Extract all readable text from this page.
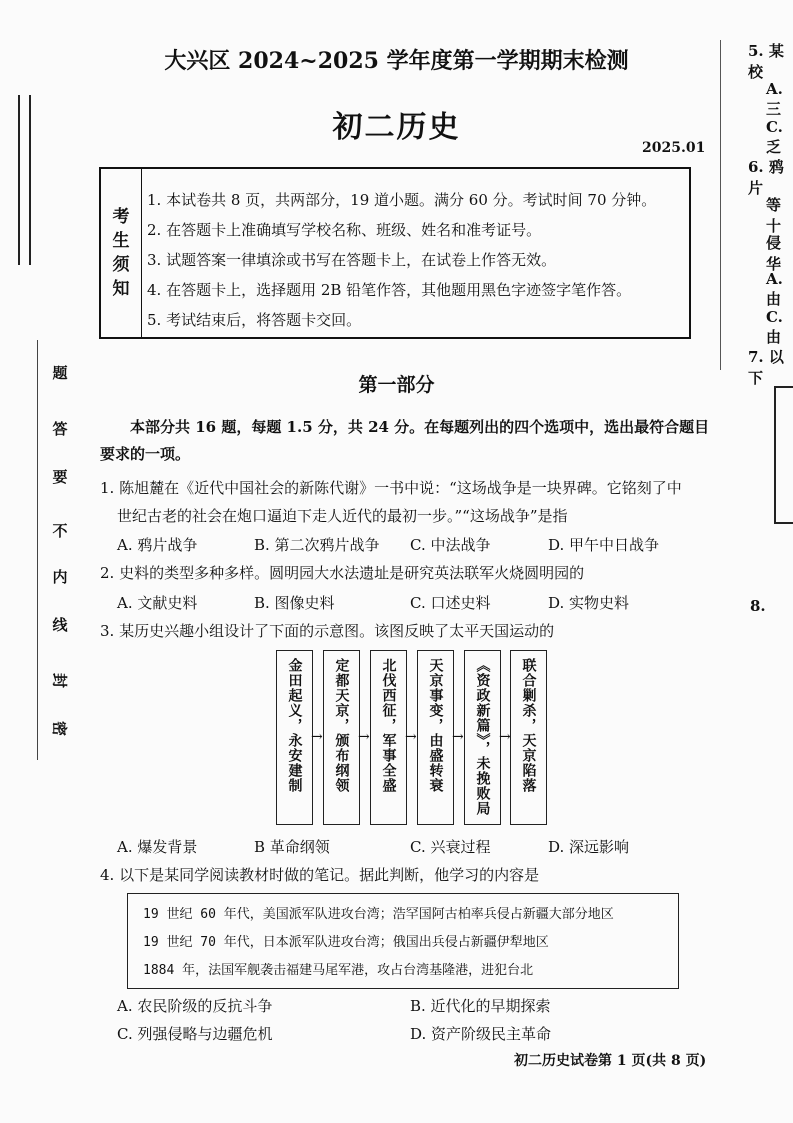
题
答
要
不
内
线
封
密
大兴区 2024~2025 学年度第一学期期末检测
初二历史
2025.01
考
生
须
知
1. 本试卷共 8 页，共两部分，19 道小题。满分 60 分。考试时间 70 分钟。
2. 在答题卡上准确填写学校名称、班级、姓名和准考证号。
3. 试题答案一律填涂或书写在答题卡上，在试卷上作答无效。
4. 在答题卡上，选择题用 2B 铅笔作答，其他题用黑色字迹签字笔作答。
5. 考试结束后，将答题卡交回。
第一部分
本部分共 16 题，每题 1.5 分，共 24 分。在每题列出的四个选项中，选出最符合题目
要求的一项。
1. 陈旭麓在《近代中国社会的新陈代谢》一书中说：“这场战争是一块界碑。它铭刻了中
世纪古老的社会在炮口逼迫下走人近代的最初一步。”“这场战争”是指
A. 鸦片战争	B. 第二次鸦片战争 C. 中法战争	D. 甲午中日战争
2. 史料的类型多种多样。圆明园大水法遗址是研究英法联军火烧圆明园的
A. 文献史料	B. 图像史料	C. 口述史料	D. 实物史料
3. 某历史兴趣小组设计了下面的示意图。该图反映了太平天国运动的
金田起义，永安建制 → 定都天京，颁布纲领 → 北伐西征，军事全盛 → 天京事变，由盛转衰 → 《资政新篇》，未挽败局 → 联合剿杀，天京陷落
A. 爆发背景	B 革命纲领	C. 兴衰过程	D. 深远影响
4. 以下是某同学阅读教材时做的笔记。据此判断，他学习的内容是
19 世纪 60 年代，美国派军队进攻台湾；浩罕国阿古柏率兵侵占新疆大部分地区
19 世纪 70 年代，日本派军队进攻台湾；俄国出兵侵占新疆伊犁地区
1884 年，法国军舰袭击福建马尾军港，攻占台湾基隆港，进犯台北
A. 农民阶级的反抗斗争	B. 近代化的早期探索
C. 列强侵略与边疆危机	D. 资产阶级民主革命
初二历史试卷第 1 页(共 8 页)
5. 某校
A. 三
C. 乏
6. 鸦片
等十
侵华
A. 由
C. 由
7. 以下
8.
